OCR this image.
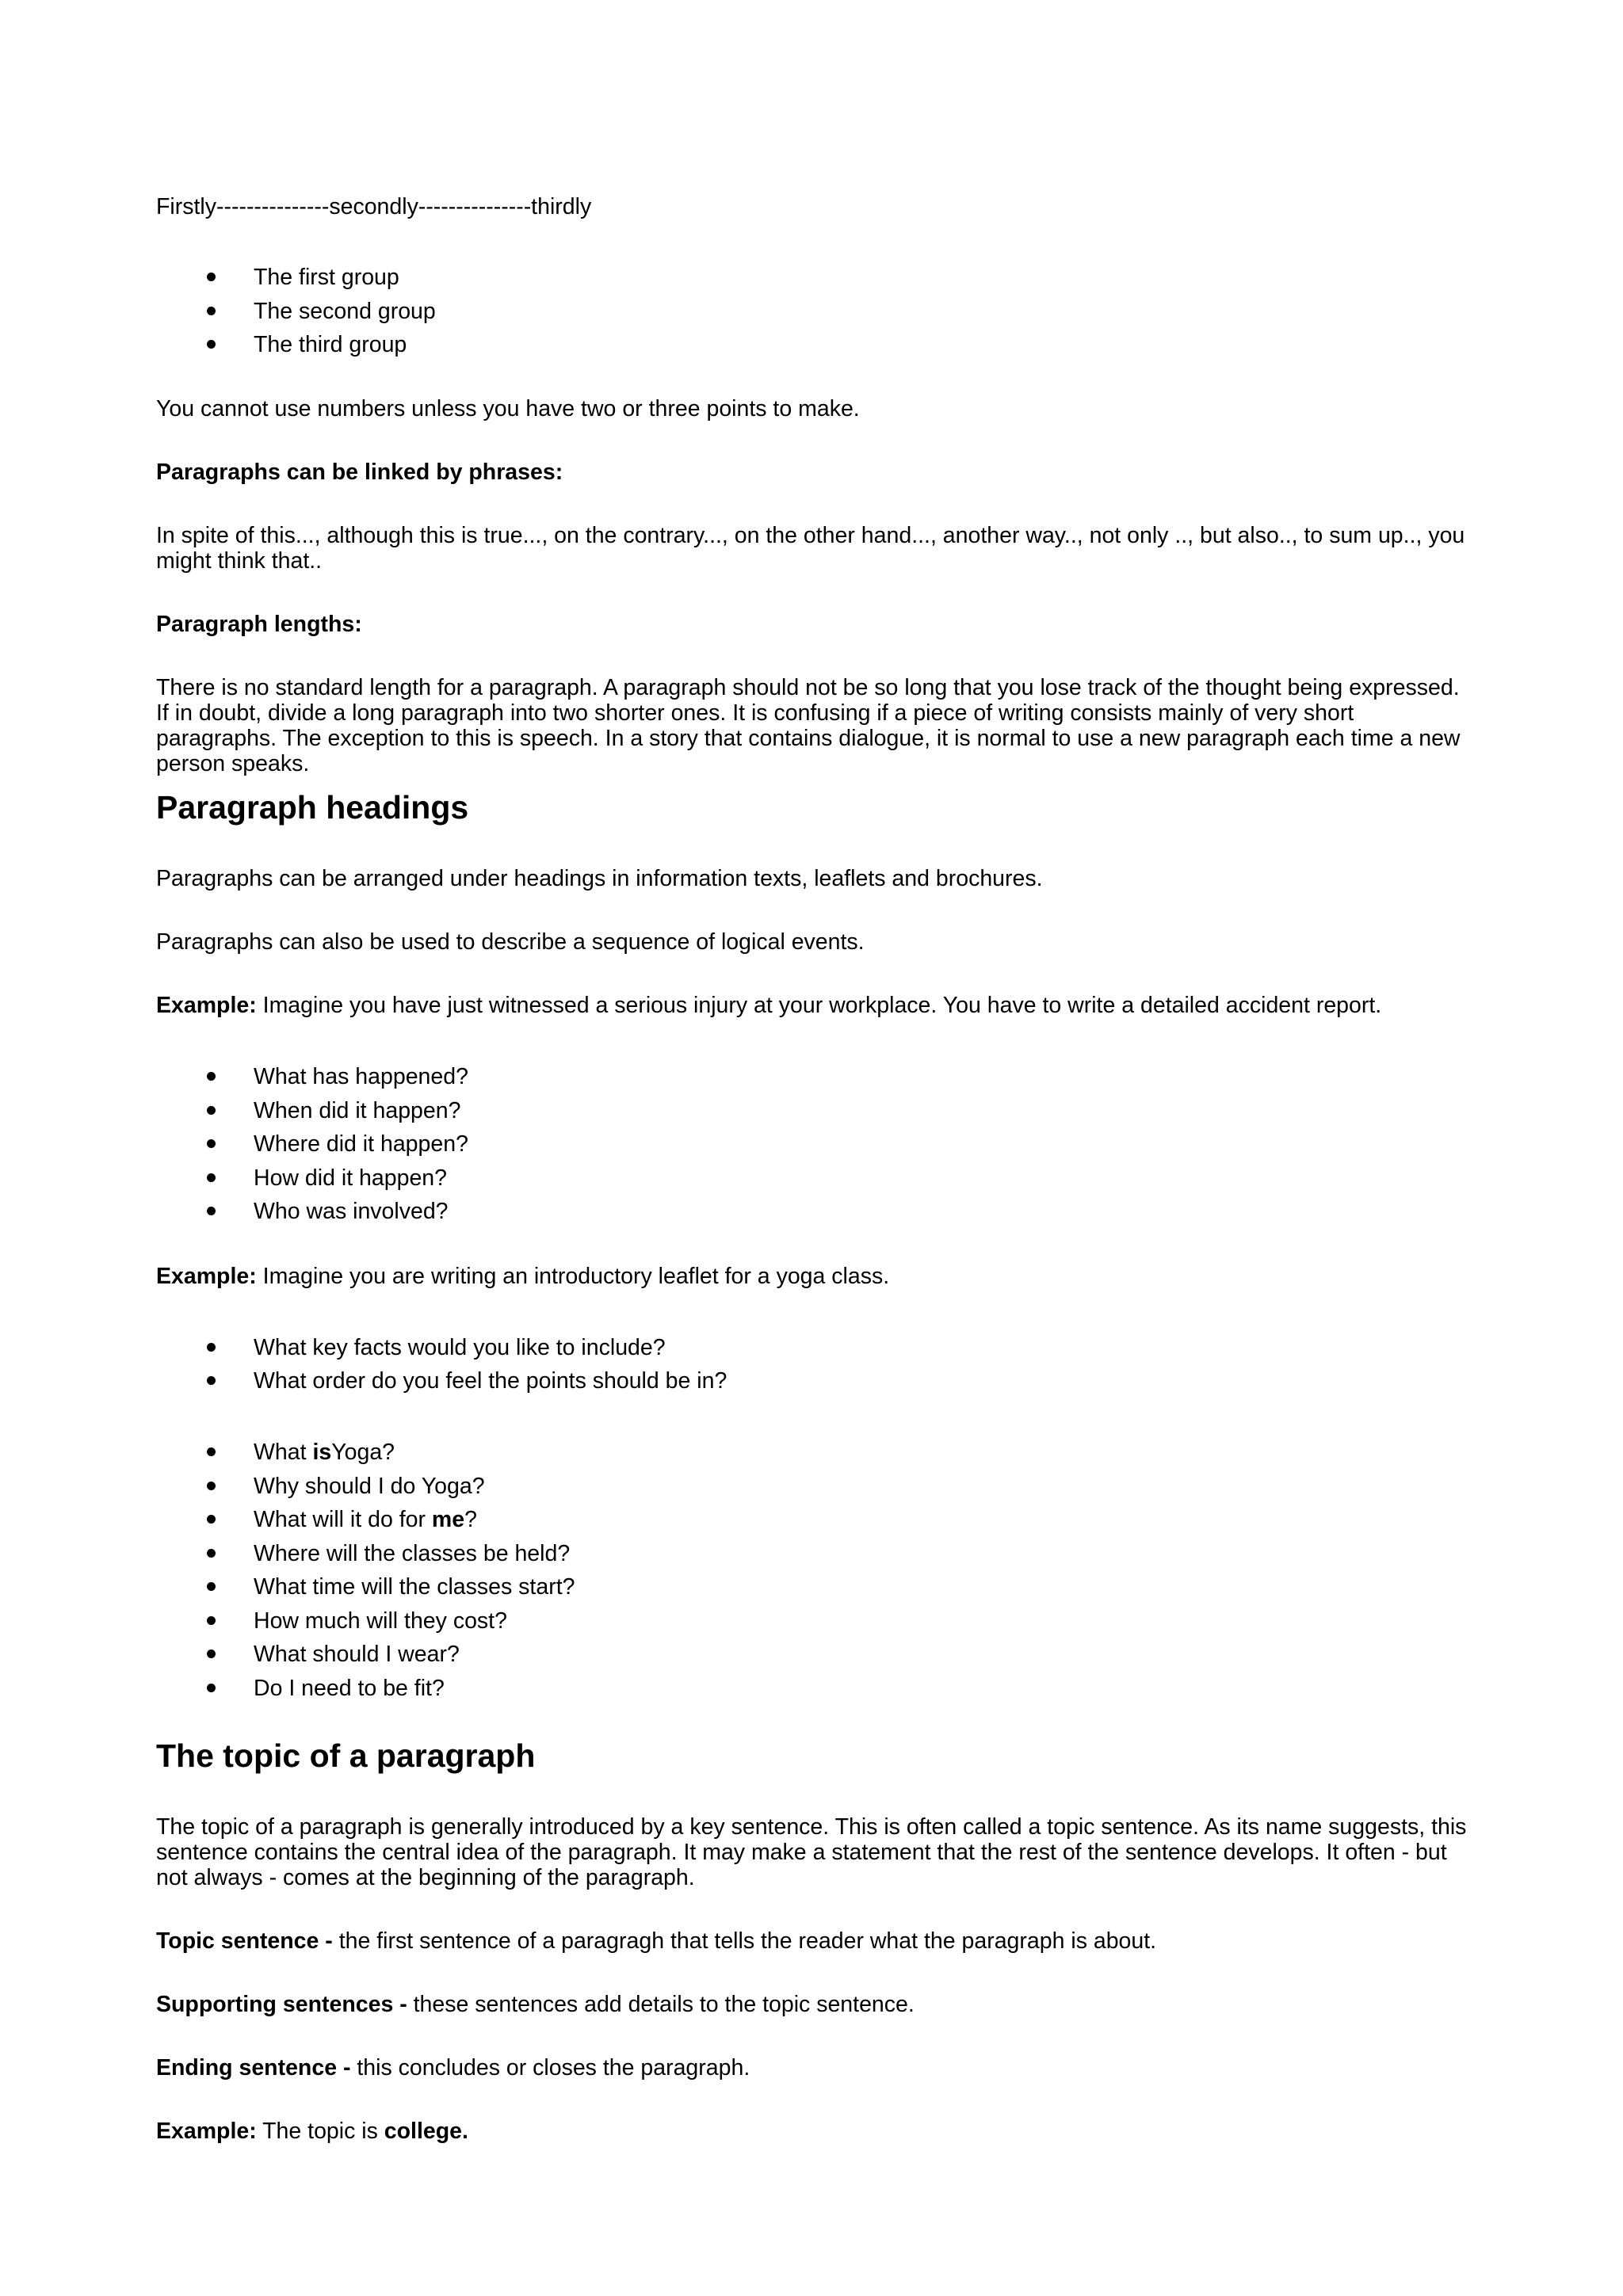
Firstly---------------secondly---------------thirdly

The first group
The second group
The third group

You cannot use numbers unless you have two or three points to make.

Paragraphs can be linked by phrases:

In spite of this..., although this is true..., on the contrary..., on the other hand..., another way.., not only .., but also.., to sum up.., you might think that..

Paragraph lengths:

There is no standard length for a paragraph. A paragraph should not be so long that you lose track of the thought being expressed. If in doubt, divide a long paragraph into two shorter ones. It is confusing if a piece of writing consists mainly of very short paragraphs. The exception to this is speech. In a story that contains dialogue, it is normal to use a new paragraph each time a new person speaks.

Paragraph headings

Paragraphs can be arranged under headings in information texts, leaflets and brochures.

Paragraphs can also be used to describe a sequence of logical events.

Example: Imagine you have just witnessed a serious injury at your workplace. You have to write a detailed accident report.

What has happened?
When did it happen?
Where did it happen?
How did it happen?
Who was involved?

Example: Imagine you are writing an introductory leaflet for a yoga class.

What key facts would you like to include?
What order do you feel the points should be in?
What isYoga?
Why should I do Yoga?
What will it do for me?
Where will the classes be held?
What time will the classes start?
How much will they cost?
What should I wear?
Do I need to be fit?
The topic of a paragraph

The topic of a paragraph is generally introduced by a key sentence. This is often called a topic sentence. As its name suggests, this sentence contains the central idea of the paragraph. It may make a statement that the rest of the sentence develops. It often - but not always - comes at the beginning of the paragraph.

Topic sentence - the first sentence of a paragragh that tells the reader what the paragraph is about.

Supporting sentences - these sentences add details to the topic sentence.

Ending sentence - this concludes or closes the paragraph.

Example: The topic is college.
